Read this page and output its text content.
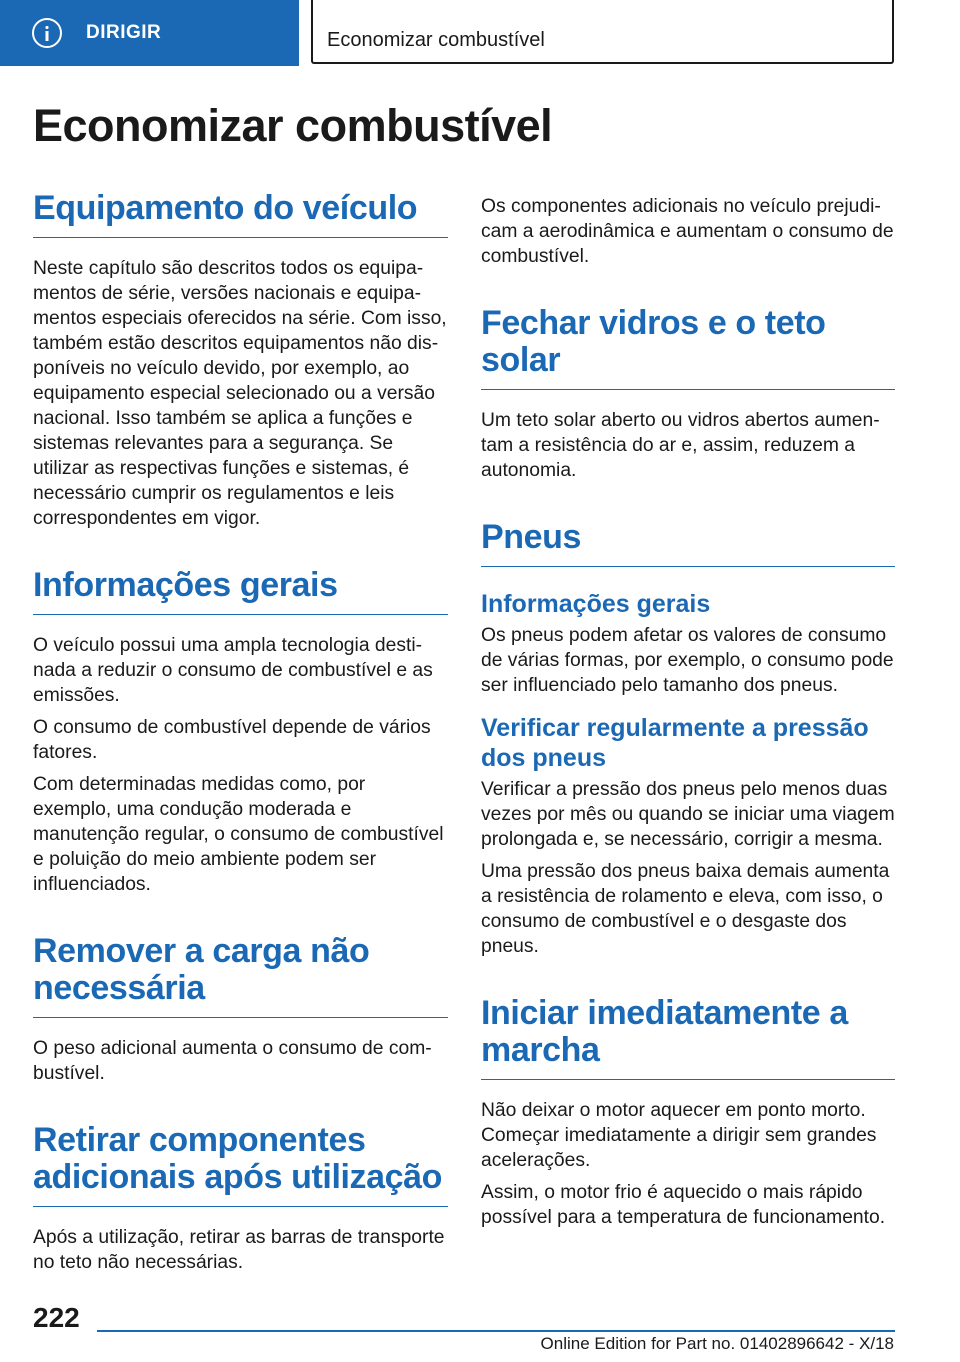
DIRIGIR	Economizar combustível
Economizar combustível
Equipamento do veículo

Neste capítulo são descritos todos os equipamentos de série, versões nacionais e equipamentos especiais oferecidos na série. Com isso, também estão descritos equipamentos não disponíveis no veículo devido, por exemplo, ao equipamento especial selecionado ou a versão nacional. Isso também se aplica a funções e sistemas relevantes para a segurança. Se utilizar as respectivas funções e sistemas, é necessário cumprir os regulamentos e leis correspondentes em vigor.

Informações gerais

O veículo possui uma ampla tecnologia destinada a reduzir o consumo de combustível e as emissões.

O consumo de combustível depende de vários fatores.

Com determinadas medidas como, por exemplo, uma condução moderada e manutenção regular, o consumo de combustível e poluição do meio ambiente podem ser influenciados.

Remover a carga não necessária

O peso adicional aumenta o consumo de combustível.

Retirar componentes adicionais após utilização

Após a utilização, retirar as barras de transporte no teto não necessárias.

Os componentes adicionais no veículo prejudicam a aerodinâmica e aumentam o consumo de combustível.

Fechar vidros e o teto solar

Um teto solar aberto ou vidros abertos aumentam a resistência do ar e, assim, reduzem a autonomia.

Pneus
Informações gerais

Os pneus podem afetar os valores de consumo de várias formas, por exemplo, o consumo pode ser influenciado pelo tamanho dos pneus.

Verificar regularmente a pressão dos pneus

Verificar a pressão dos pneus pelo menos duas vezes por mês ou quando se iniciar uma viagem prolongada e, se necessário, corrigir a mesma.

Uma pressão dos pneus baixa demais aumenta a resistência de rolamento e eleva, com isso, o consumo de combustível e o desgaste dos pneus.

Iniciar imediatamente a marcha

Não deixar o motor aquecer em ponto morto. Começar imediatamente a dirigir sem grandes acelerações.

Assim, o motor frio é aquecido o mais rápido possível para a temperatura de funcionamento.

222
Online Edition for Part no. 01402896642 - X/18
